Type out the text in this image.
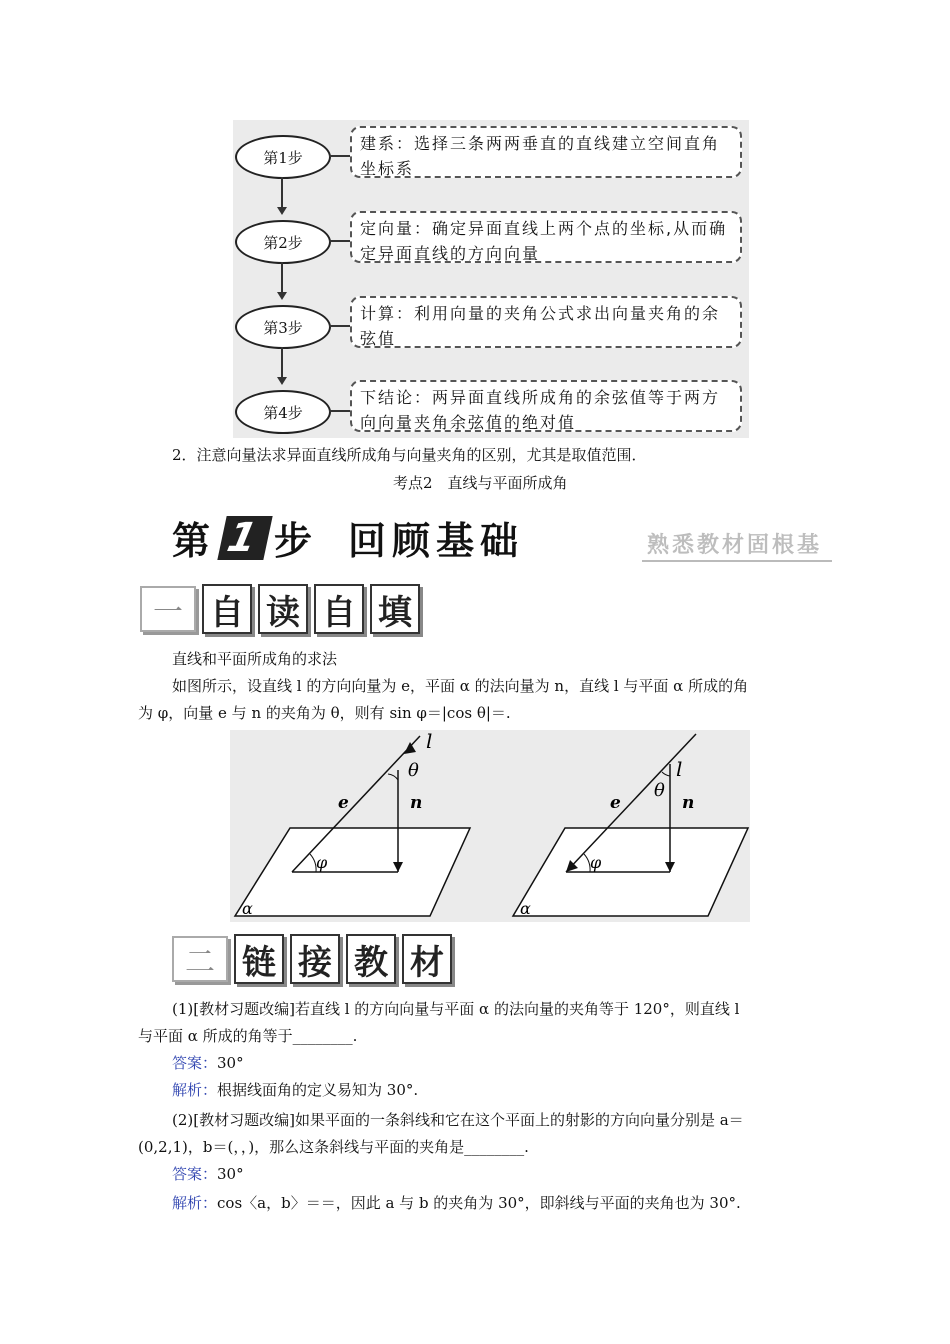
第1步
建系：选择三条两两垂直的直线建立空间直角坐标系
第2步
定向量：确定异面直线上两个点的坐标,从而确定异面直线的方向向量
第3步
计算：利用向量的夹角公式求出向量夹角的余弦值
第4步
下结论：两异面直线所成角的余弦值等于两方向向量夹角余弦值的绝对值
2．注意向量法求异面直线所成角与向量夹角的区别，尤其是取值范围．
考点2　直线与平面所成角
第 1 步 回顾基础	熟悉教材固根基
一 自 读 自 填
直线和平面所成角的求法
如图所示，设直线 l 的方向向量为 e，平面 α 的法向量为 n，直线 l 与平面 α 所成的角
为 φ，向量 e 与 n 的夹角为 θ，则有 sin φ＝|cos θ|＝.
l
θ
e	n
φ
α
l
θ
e	n
φ
α
二 链 接 教 材
(1)[教材习题改编]若直线 l 的方向向量与平面 α 的法向量的夹角等于 120°，则直线 l
与平面 α 所成的角等于________.
答案：30°
解析：根据线面角的定义易知为 30°.
(2)[教材习题改编]如果平面的一条斜线和它在这个平面上的射影的方向向量分别是 a＝
(0,2,1)，b＝(，，)，那么这条斜线与平面的夹角是________.
答案：30°
解析：cos〈a，b〉＝＝，因此 a 与 b 的夹角为 30°，即斜线与平面的夹角也为 30°.
